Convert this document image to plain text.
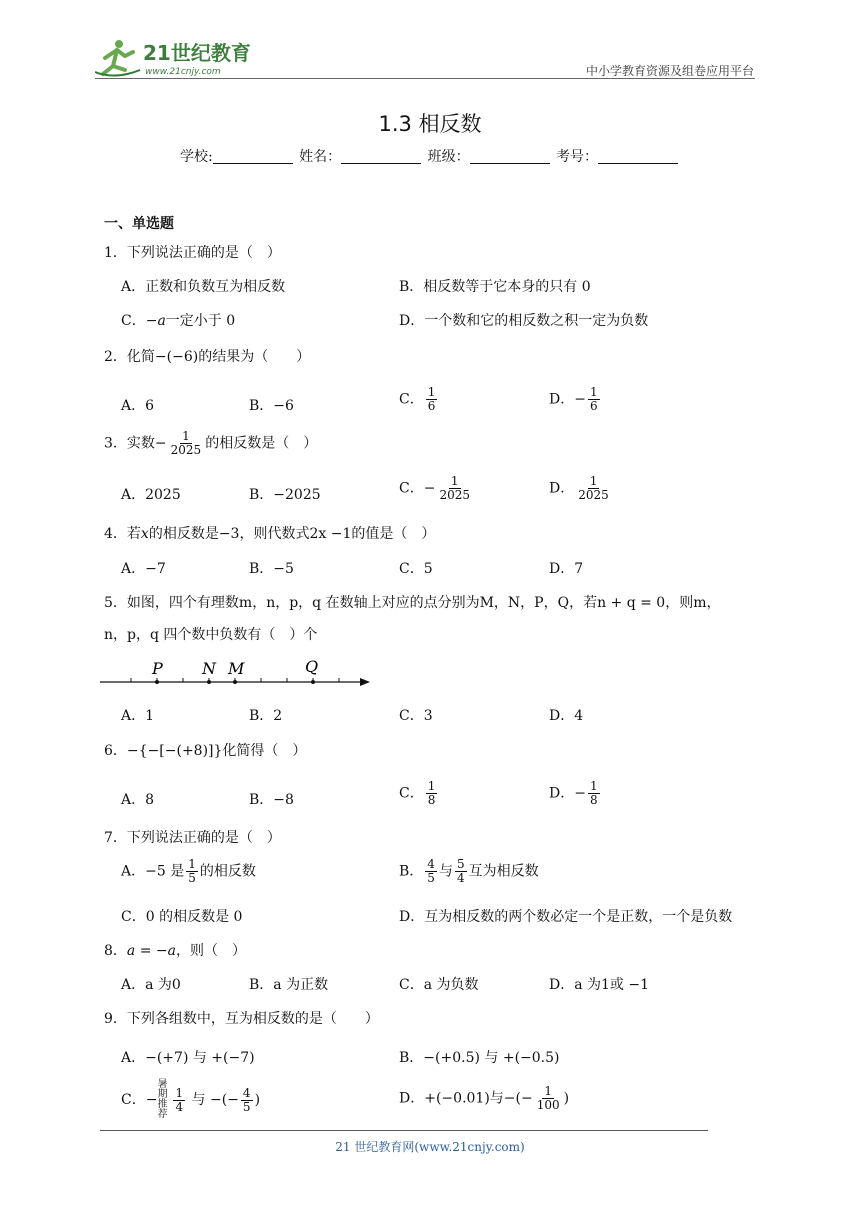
21世纪教育
www.21cnjy.com	中小学教育资源及组卷应用平台
1.3 相反数
学校:	姓名：	班级：	考号：
一、单选题
1．下列说法正确的是（　）
A．正数和负数互为相反数	B．相反数等于它本身的只有 0
C．−a一定小于 0	D．一个数和它的相反数之积一定为负数
2．化简−(−6)的结果为（　　）
A．6	B．−6	C． $\frac{1}{6}$	D．− $\frac{1}{6}$
3．实数− $\frac{1}{2025}$ 的相反数是（　）
A．2025	B．−2025	C．− $\frac{1}{2025}$	D． $\frac{1}{2025}$
4．若x的相反数是−3，则代数式2x −1的值是（　）
A．−7	B．−5	C．5	D．7
5．如图，四个有理数m，n，p，q 在数轴上对应的点分别为M，N，P，Q，若n + q = 0，则m，
n，p，q 四个数中负数有（　）个
P N M	Q
A．1	B．2	C．3	D．4
6．−{−[−(+8)]}化简得（　）
A．8	B．−8	C． $\frac{1}{8}$	D．− $\frac{1}{8}$
7．下列说法正确的是（　）
A．−5 是 $\frac{1}{5}$ 的相反数	B． $\frac{4}{5}$ 与 $\frac{5}{4}$ 互为相反数
C．0 的相反数是 0	D．互为相反数的两个数必定一个是正数，一个是负数
8．a = −a，则（　）
A．a 为0	B．a 为正数	C．a 为负数	D．a 为1或 −1
9．下列各组数中，互为相反数的是（　　）
A．−(+7) 与 +(−7)	B．−(+0.5) 与 +(−0.5)
C．−暑期推荐
$\frac{1}{4}$ 与 −(− $\frac{4}{5}$ )	D．+(−0.01)与−(− $\frac{1}{100}$ )
21 世纪教育网(www.21cnjy.com)
